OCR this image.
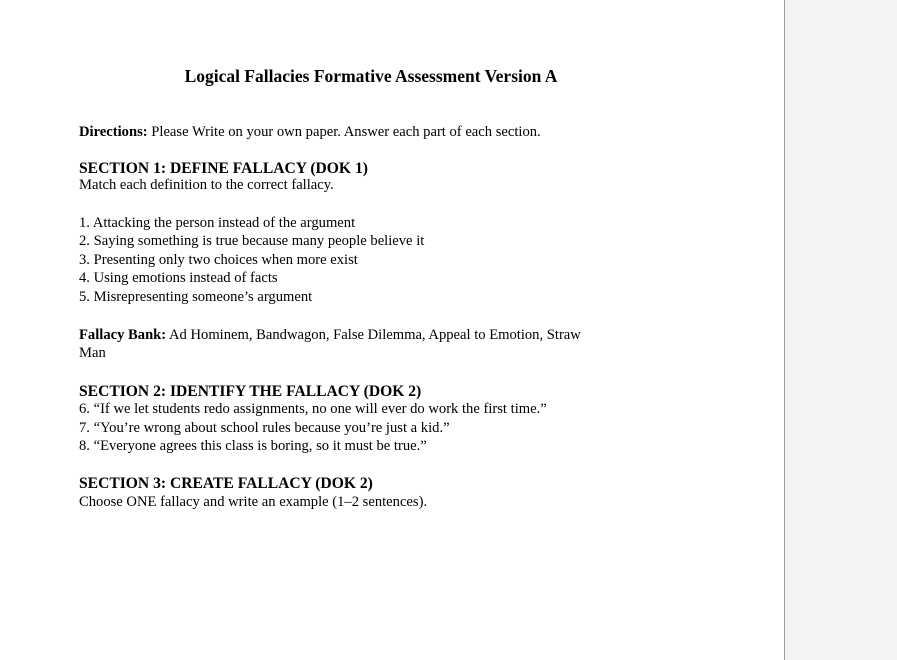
Logical Fallacies Formative Assessment Version A
Directions: Please Write on your own paper. Answer each part of each section.
SECTION 1: DEFINE FALLACY (DOK 1)
Match each definition to the correct fallacy.
1. Attacking the person instead of the argument
2. Saying something is true because many people believe it
3. Presenting only two choices when more exist
4. Using emotions instead of facts
5. Misrepresenting someone’s argument
Fallacy Bank: Ad Hominem, Bandwagon, False Dilemma, Appeal to Emotion, Straw
Man
SECTION 2: IDENTIFY THE FALLACY (DOK 2)
6. “If we let students redo assignments, no one will ever do work the first time.”
7. “You’re wrong about school rules because you’re just a kid.”
8. “Everyone agrees this class is boring, so it must be true.”
SECTION 3: CREATE FALLACY (DOK 2)
Choose ONE fallacy and write an example (1–2 sentences).
